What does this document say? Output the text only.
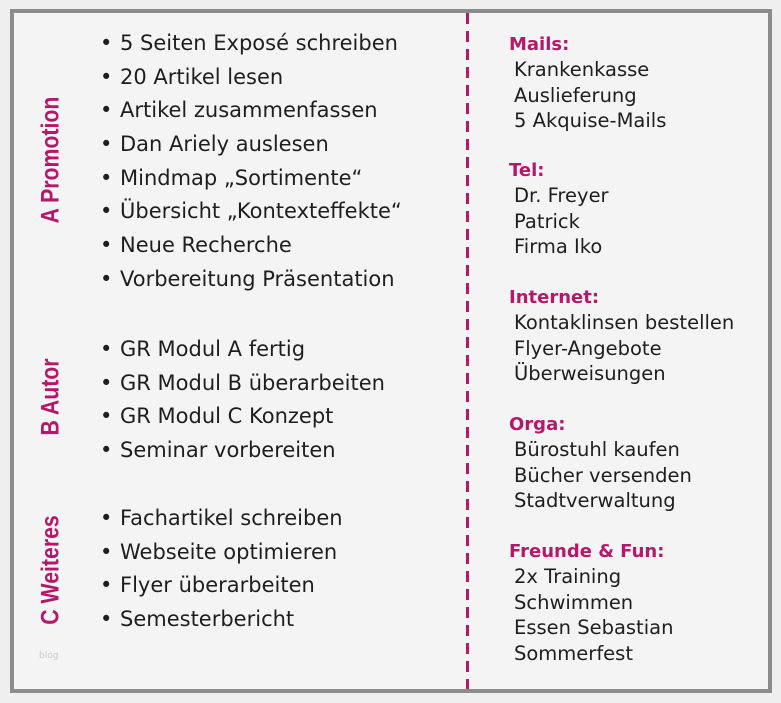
A Promotion
B Autor
C Weiteres
• 5 Seiten Exposé schreiben
• 20 Artikel lesen
• Artikel zusammenfassen
• Dan Ariely auslesen
• Mindmap „Sortimente“
• Übersicht „Kontexteffekte“
• Neue Recherche
• Vorbereitung Präsentation
• GR Modul A fertig
• GR Modul B überarbeiten
• GR Modul C Konzept
• Seminar vorbereiten
• Fachartikel schreiben
• Webseite optimieren
• Flyer überarbeiten
• Semesterbericht
Mails:
Krankenkasse
Auslieferung
5 Akquise-Mails
Tel:
Dr. Freyer
Patrick
Firma Iko
Internet:
Kontaklinsen bestellen
Flyer-Angebote
Überweisungen
Orga:
Bürostuhl kaufen
Bücher versenden
Stadtverwaltung
Freunde & Fun:
2x Training
Schwimmen
Essen Sebastian
Sommerfest
blog
